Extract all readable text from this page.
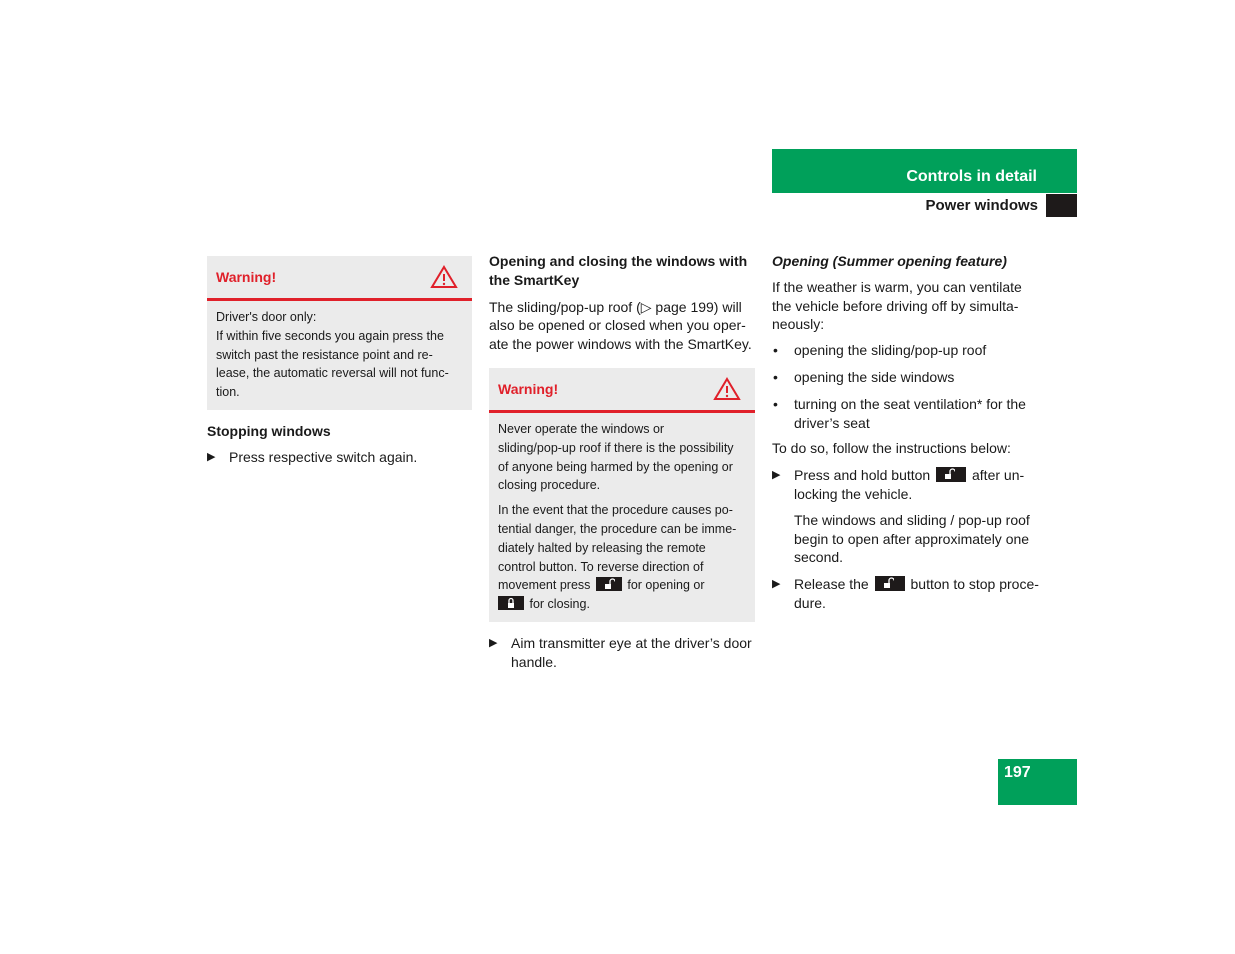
Controls in detail
Power windows
Warning!
Driver's door only:
If within five seconds you again press the
switch past the resistance point and re-
lease, the automatic reversal will not func-
tion.

Stopping windows

▶ Press respective switch again.

Opening and closing the windows with
the SmartKey

The sliding/pop-up roof (▷ page 199) will
also be opened or closed when you oper-
ate the power windows with the SmartKey.

Warning!

Never operate the windows or
sliding/pop-up roof if there is the possibility
of anyone being harmed by the opening or
closing procedure.

In the event that the procedure causes po-
tential danger, the procedure can be imme-
diately halted by releasing the remote
control button. To reverse direction of
movement press	for opening or

for closing.

▶ Aim transmitter eye at the driver’s door
handle.

Opening (Summer opening feature)

If the weather is warm, you can ventilate
the vehicle before driving off by simulta-
neously:

• opening the sliding/pop-up roof

• opening the side windows

• turning on the seat ventilation* for the
driver’s seat

To do so, follow the instructions below:

▶ Press and hold button	after un-
locking the vehicle.

The windows and sliding / pop-up roof
begin to open after approximately one
second.

▶ Release the	button to stop proce-
dure.

197
